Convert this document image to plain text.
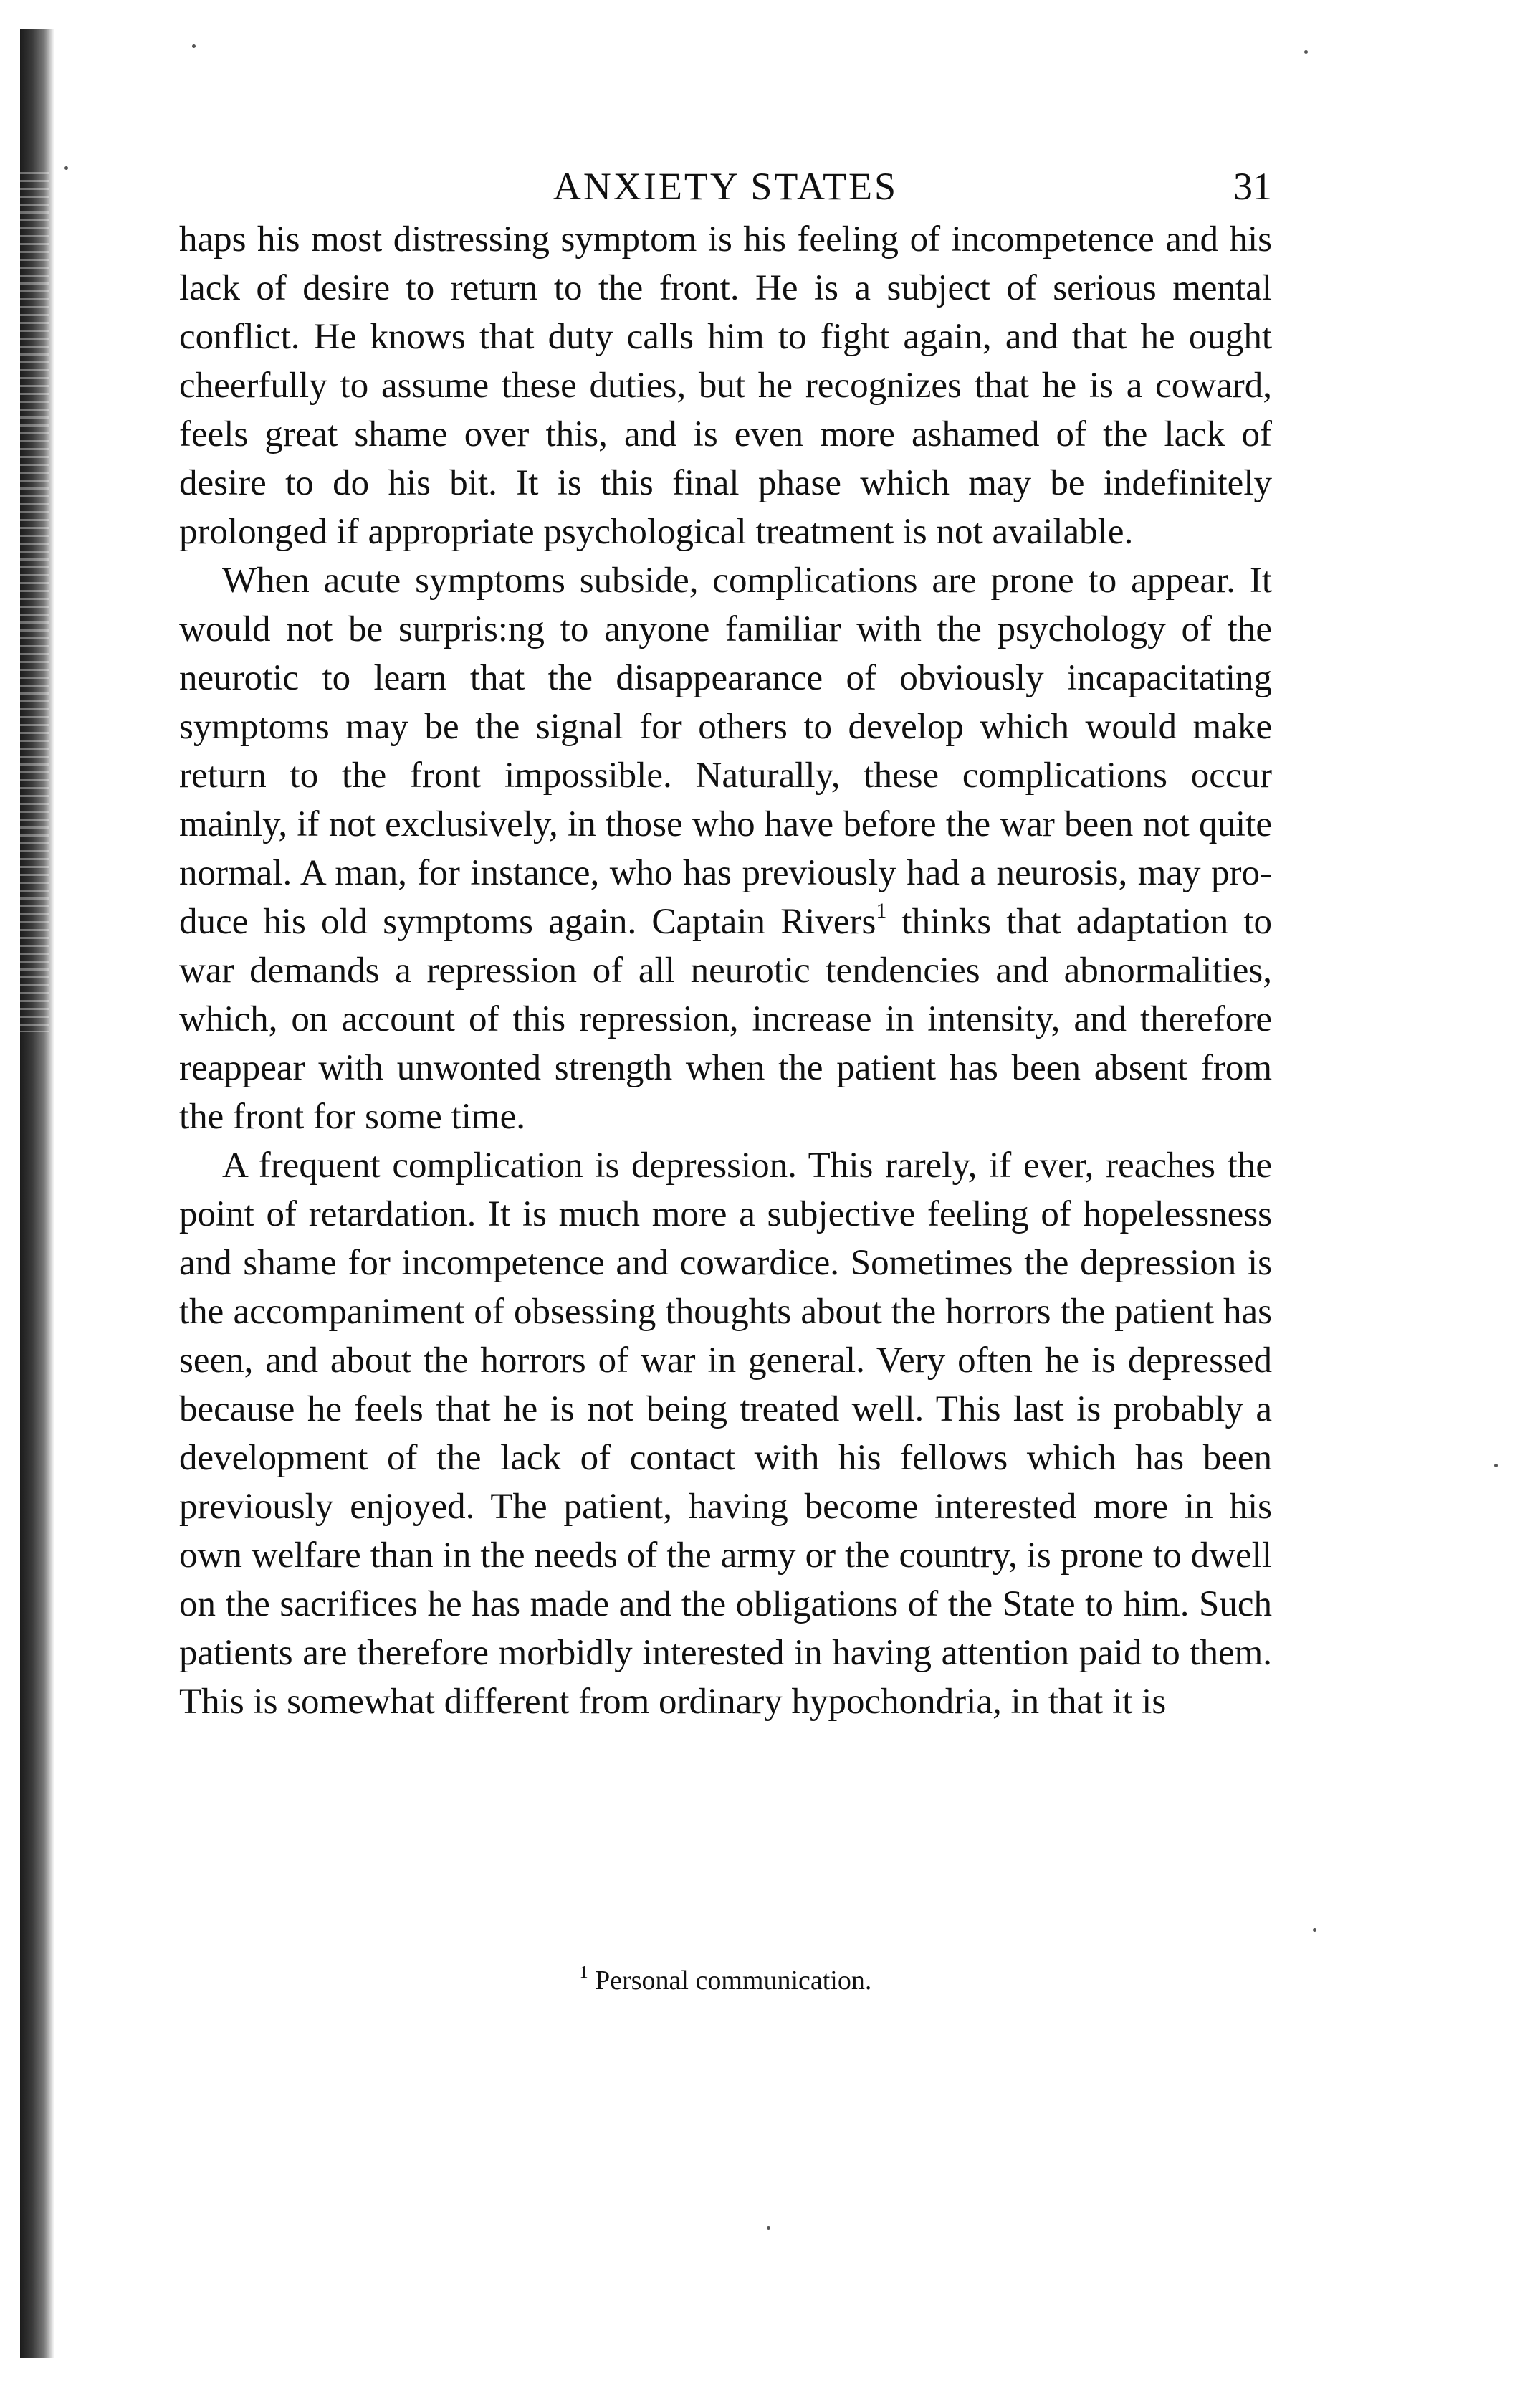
ANXIETY STATES	31

haps his most distressing symptom is his feeling of incompetence and his lack of desire to return to the front. He is a subject of serious mental conflict. He knows that duty calls him to fight again, and that he ought cheerfully to assume these duties, but he recognizes that he is a coward, feels great shame over this, and is even more ashamed of the lack of desire to do his bit. It is this final phase which may be indefinitely prolonged if appropriate psychological treatment is not available.

When acute symptoms subside, complications are prone to appear. It would not be surpris:ng to anyone familiar with the psychology of the neurotic to learn that the disappearance of obviously incapacitating symptoms may be the signal for others to develop which would make return to the front impossible. Naturally, these complications occur mainly, if not exclusively, in those who have before the war been not quite normal. A man, for instance, who has previously had a neurosis, may produce his old symptoms again. Captain Rivers$^1$ thinks that adaptation to war demands a repression of all neurotic tendencies and abnormalities, which, on account of this repression, increase in intensity, and therefore reappear with unwonted strength when the patient has been absent from the front for some time.

A frequent complication is depression. This rarely, if ever, reaches the point of retardation. It is much more a subjective feeling of hopelessness and shame for incompetence and cowardice. Sometimes the depression is the accompaniment of obsessing thoughts about the horrors the patient has seen, and about the horrors of war in general. Very often he is depressed because he feels that he is not being treated well. This last is probably a development of the lack of contact with his fellows which has been previously enjoyed. The patient, having become interested more in his own welfare than in the needs of the army or the country, is prone to dwell on the sacrifices he has made and the obligations of the State to him. Such patients are therefore morbidly interested in having attention paid to them. This is somewhat different from ordinary hypochondria, in that it is

$^1$ Personal communication.
